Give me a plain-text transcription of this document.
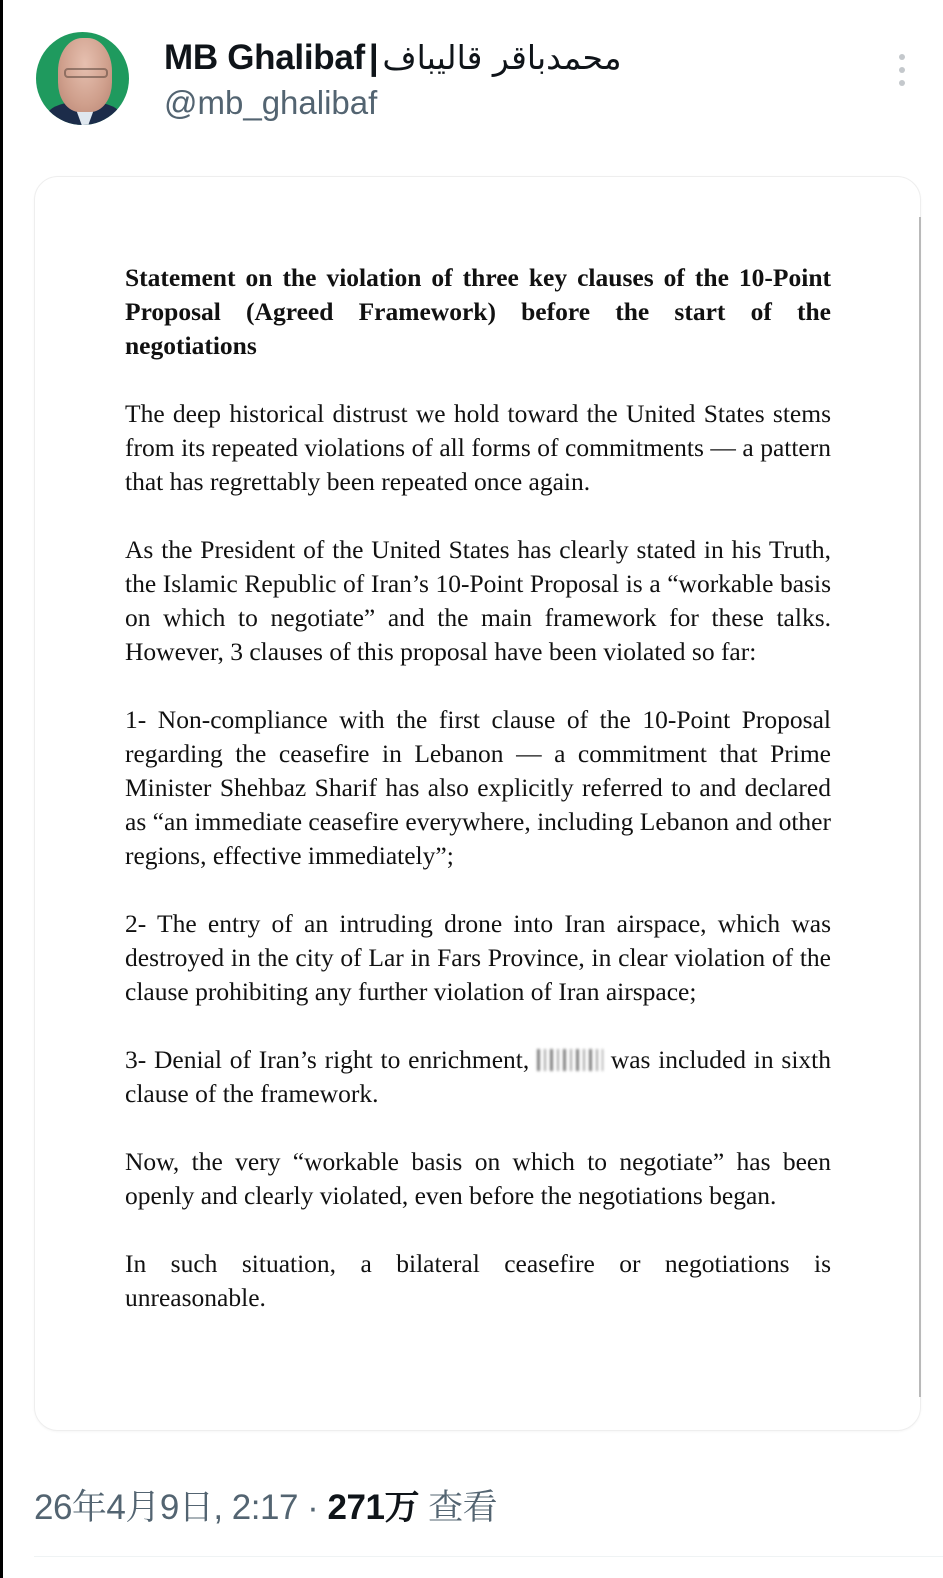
MB Ghalibaf | محمدباقر قالیباف
@mb_ghalibaf

Statement on the violation of three key clauses of the 10-Point Proposal (Agreed Framework) before the start of the negotiations

The deep historical distrust we hold toward the United States stems from its repeated violations of all forms of commitments — a pattern that has regrettably been repeated once again.

As the President of the United States has clearly stated in his Truth, the Islamic Republic of Iran’s 10-Point Proposal is a “workable basis on which to negotiate” and the main framework for these talks. However, 3 clauses of this proposal have been violated so far:

1- Non-compliance with the first clause of the 10-Point Proposal regarding the ceasefire in Lebanon — a commitment that Prime Minister Shehbaz Sharif has also explicitly referred to and declared as “an immediate ceasefire everywhere, including Lebanon and other regions, effective immediately”;

2- The entry of an intruding drone into Iran airspace, which was destroyed in the city of Lar in Fars Province, in clear violation of the clause prohibiting any further violation of Iran airspace;

3- Denial of Iran’s right to enrichment,	was included in sixth clause of the framework.

Now, the very “workable basis on which to negotiate” has been openly and clearly violated, even before the negotiations began.

In such situation, a bilateral ceasefire or negotiations is unreasonable.

26年4月9日, 2:17 · 271万 查看
